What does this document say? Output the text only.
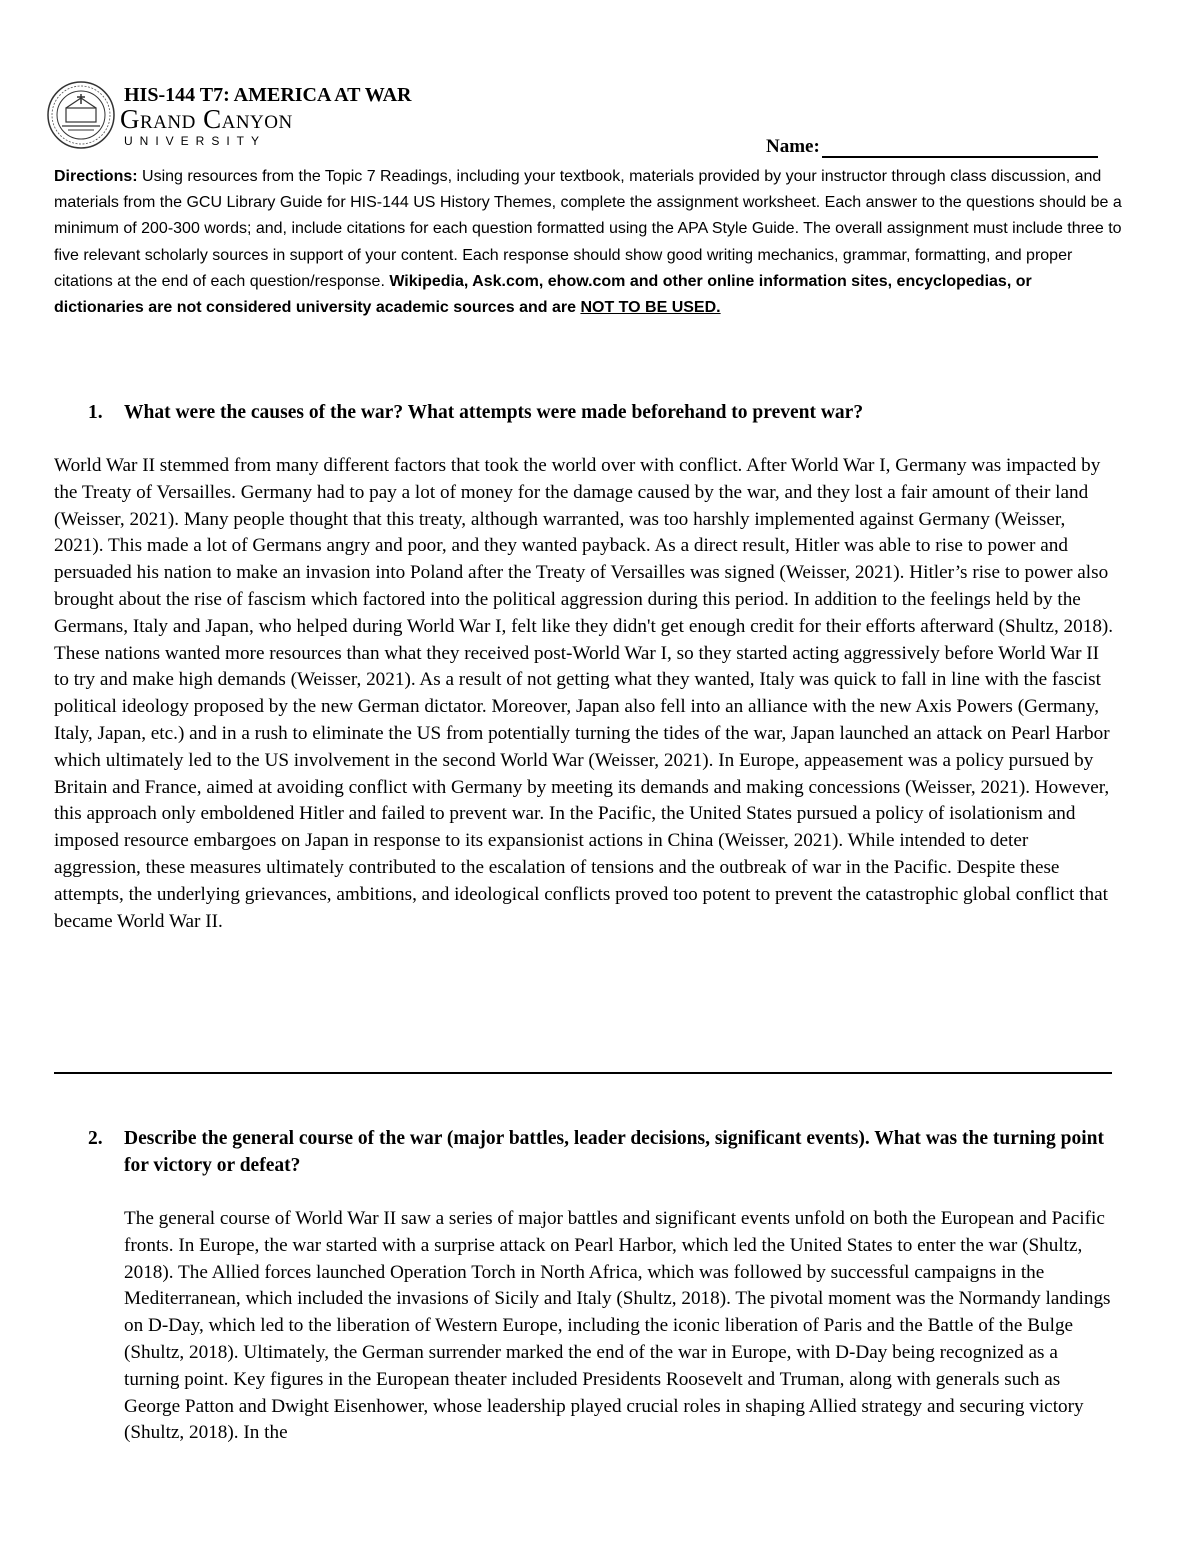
HIS-144 T7: AMERICA AT WAR
Grand Canyon
UNIVERSITY	Name:
Directions: Using resources from the Topic 7 Readings, including your textbook, materials provided by your instructor through class discussion, and materials from the GCU Library Guide for HIS-144 US History Themes, complete the assignment worksheet. Each answer to the questions should be a minimum of 200-300 words; and, include citations for each question formatted using the APA Style Guide. The overall assignment must include three to five relevant scholarly sources in support of your content. Each response should show good writing mechanics, grammar, formatting, and proper citations at the end of each question/response. Wikipedia, Ask.com, ehow.com and other online information sites, encyclopedias, or dictionaries are not considered university academic sources and are NOT TO BE USED.
1.	What were the causes of the war? What attempts were made beforehand to prevent war?
World War II stemmed from many different factors that took the world over with conflict. After World War I, Germany was impacted by the Treaty of Versailles. Germany had to pay a lot of money for the damage caused by the war, and they lost a fair amount of their land (Weisser, 2021). Many people thought that this treaty, although warranted, was too harshly implemented against Germany (Weisser, 2021). This made a lot of Germans angry and poor, and they wanted payback. As a direct result, Hitler was able to rise to power and persuaded his nation to make an invasion into Poland after the Treaty of Versailles was signed (Weisser, 2021). Hitler’s rise to power also brought about the rise of fascism which factored into the political aggression during this period. In addition to the feelings held by the Germans, Italy and Japan, who helped during World War I, felt like they didn't get enough credit for their efforts afterward (Shultz, 2018). These nations wanted more resources than what they received post-World War I, so they started acting aggressively before World War II to try and make high demands (Weisser, 2021). As a result of not getting what they wanted, Italy was quick to fall in line with the fascist political ideology proposed by the new German dictator. Moreover, Japan also fell into an alliance with the new Axis Powers (Germany, Italy, Japan, etc.) and in a rush to eliminate the US from potentially turning the tides of the war, Japan launched an attack on Pearl Harbor which ultimately led to the US involvement in the second World War (Weisser, 2021). In Europe, appeasement was a policy pursued by Britain and France, aimed at avoiding conflict with Germany by meeting its demands and making concessions (Weisser, 2021). However, this approach only emboldened Hitler and failed to prevent war. In the Pacific, the United States pursued a policy of isolationism and imposed resource embargoes on Japan in response to its expansionist actions in China (Weisser, 2021). While intended to deter aggression, these measures ultimately contributed to the escalation of tensions and the outbreak of war in the Pacific. Despite these attempts, the underlying grievances, ambitions, and ideological conflicts proved too potent to prevent the catastrophic global conflict that became World War II.
2.	Describe the general course of the war (major battles, leader decisions, significant events). What was the turning point for victory or defeat?
The general course of World War II saw a series of major battles and significant events unfold on both the European and Pacific fronts. In Europe, the war started with a surprise attack on Pearl Harbor, which led the United States to enter the war (Shultz, 2018). The Allied forces launched Operation Torch in North Africa, which was followed by successful campaigns in the Mediterranean, which included the invasions of Sicily and Italy (Shultz, 2018). The pivotal moment was the Normandy landings on D-Day, which led to the liberation of Western Europe, including the iconic liberation of Paris and the Battle of the Bulge (Shultz, 2018). Ultimately, the German surrender marked the end of the war in Europe, with D-Day being recognized as a turning point. Key figures in the European theater included Presidents Roosevelt and Truman, along with generals such as George Patton and Dwight Eisenhower, whose leadership played crucial roles in shaping Allied strategy and securing victory (Shultz, 2018). In the
